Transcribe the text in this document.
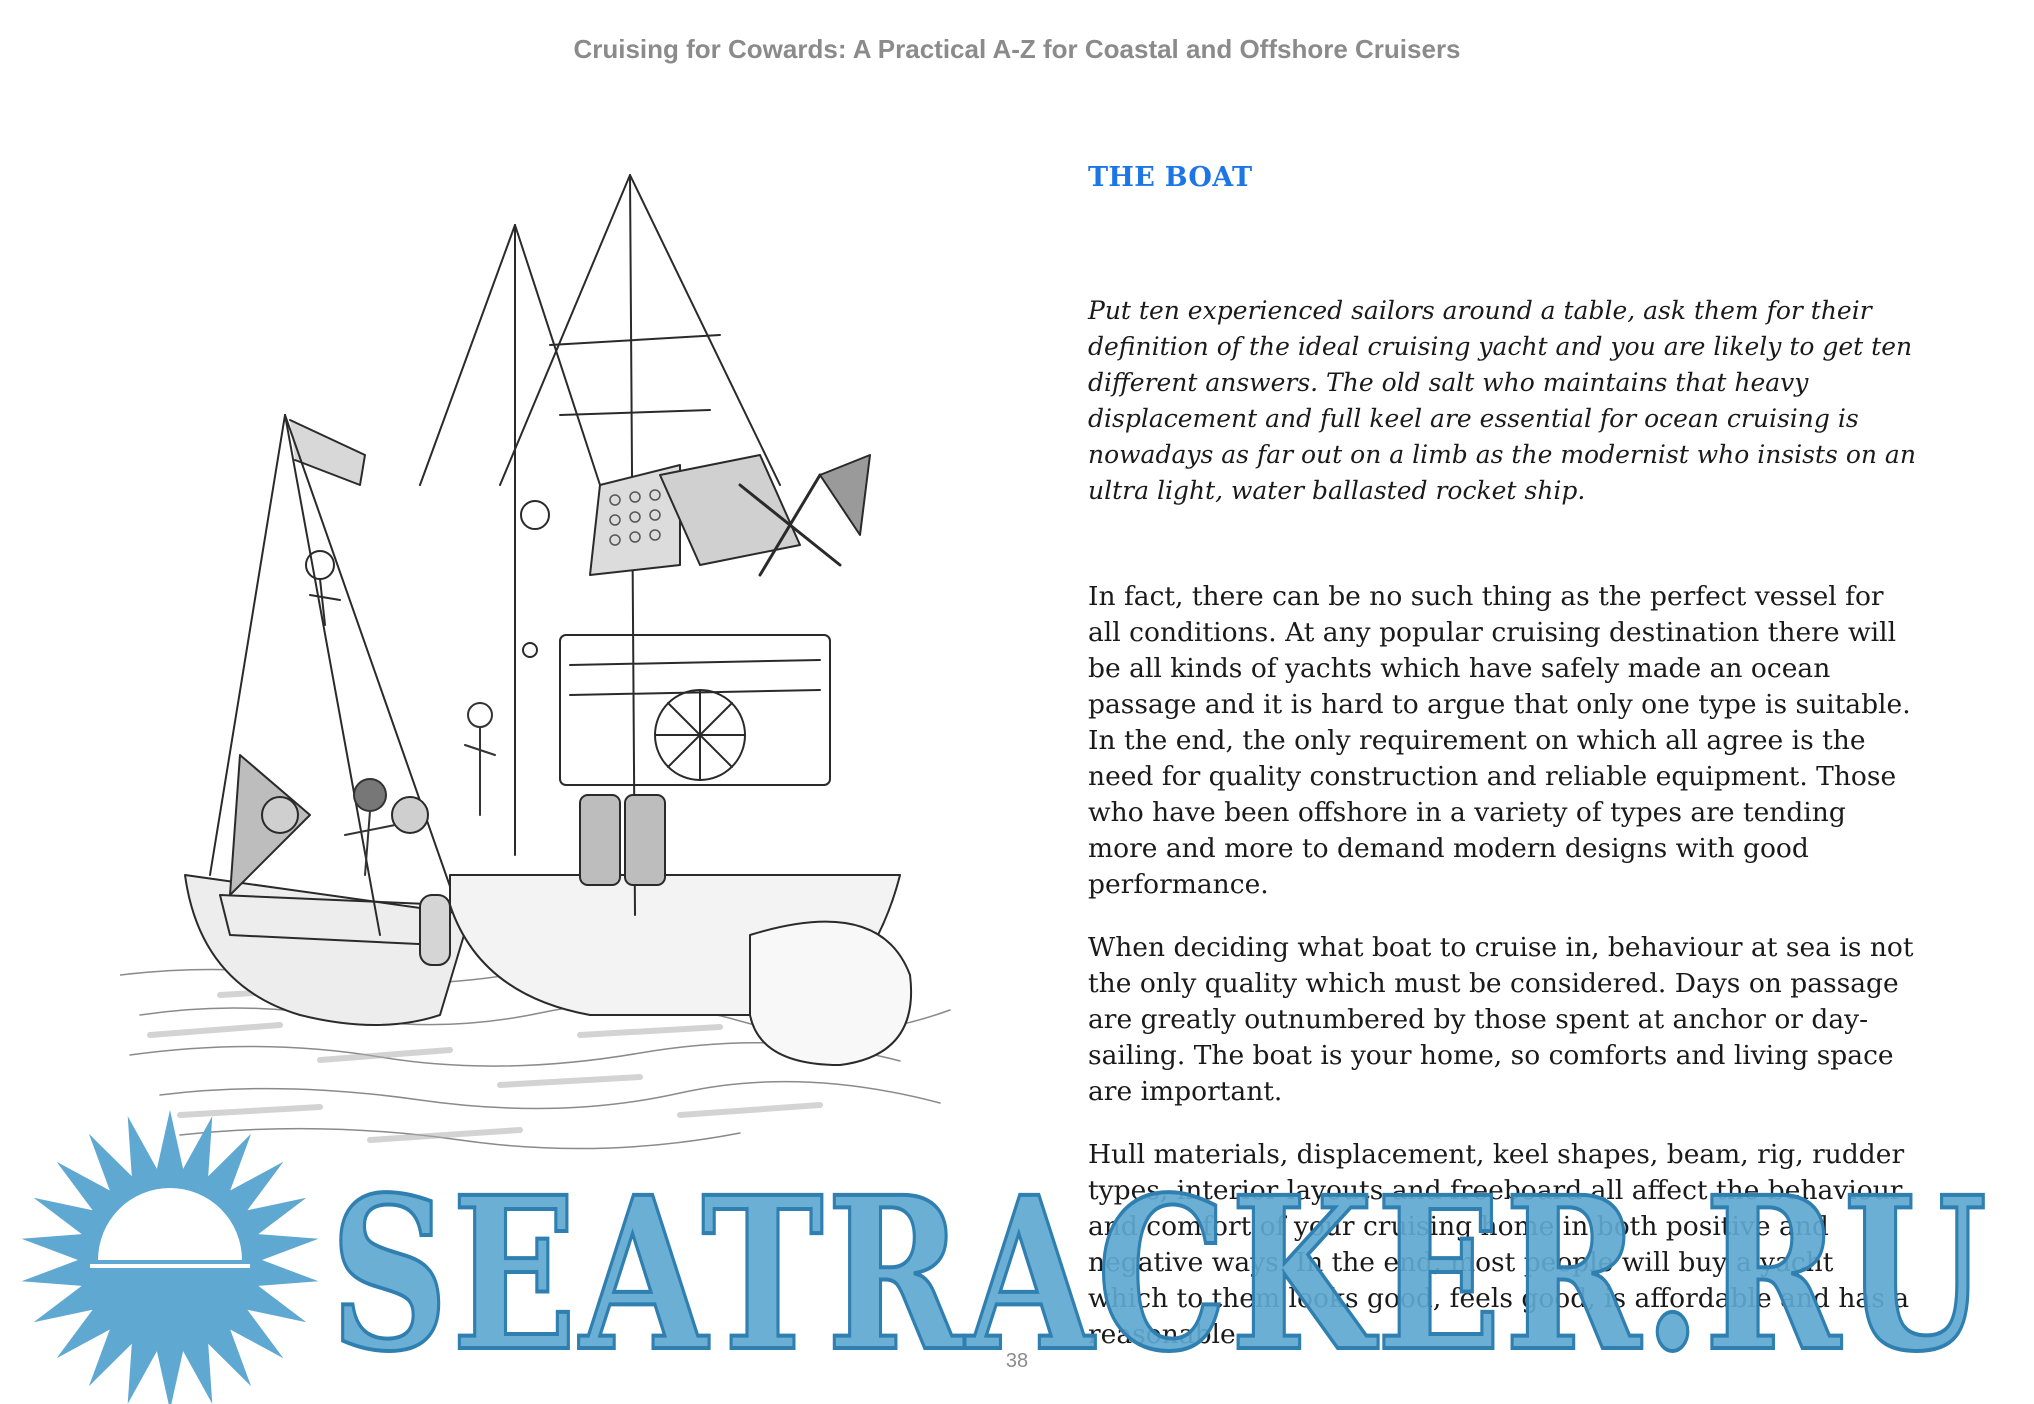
Cruising for Cowards: A Practical A-Z for Coastal and Offshore Cruisers
THE BOAT

Put ten experienced sailors around a table, ask them for their definition of the ideal cruising yacht and you are likely to get ten different answers. The old salt who maintains that heavy displacement and full keel are essential for ocean cruising is nowadays as far out on a limb as the modernist who insists on an ultra light, water ballasted rocket ship.

In fact, there can be no such thing as the perfect vessel for all conditions. At any popular cruising destination there will be all kinds of yachts which have safely made an ocean passage and it is hard to argue that only one type is suitable. In the end, the only requirement on which all agree is the need for quality construction and reliable equipment. Those who have been offshore in a variety of types are tending more and more to demand modern designs with good performance.

When deciding what boat to cruise in, behaviour at sea is not the only quality which must be considered. Days on passage are greatly outnumbered by those spent at anchor or day-sailing. The boat is your home, so comforts and living space are important.

Hull materials, displacement, keel shapes, beam, rig, rudder types, interior layouts and freeboard all affect the behaviour and comfort of your cruising home in both positive and negative ways. In the end, most people will buy a yacht which to them looks good, feels good, is affordable and has a reasonable

38
SEATRACKER.RU
